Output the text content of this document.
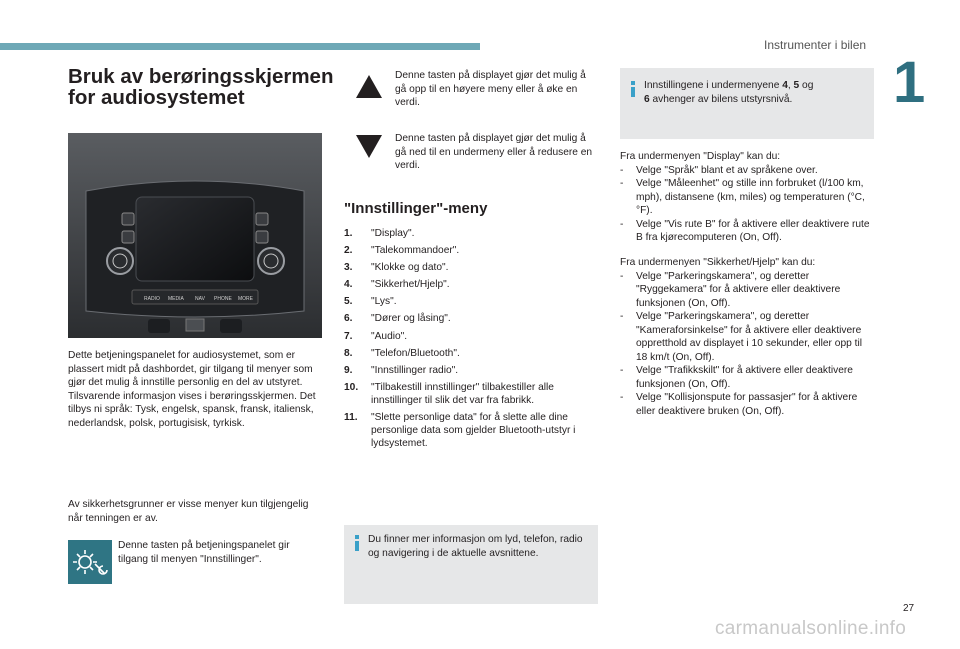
Instrumenter i bilen
1
Bruk av berøringsskjermen
for audiosystemet
RADIO MEDIA NAV PHONE MORE

Dette betjeningspanelet for audiosystemet, som er plassert midt på dashbordet, gir tilgang til menyer som gjør det mulig å innstille personlig en del av utstyret.

Tilsvarende informasjon vises i berøringsskjermen. Det tilbys ni språk: Tysk, engelsk, spansk, fransk, italiensk, nederlandsk, polsk, portugisisk, tyrkisk.

Av sikkerhetsgrunner er visse menyer kun tilgjengelig når tenningen er av.
Denne tasten på betjeningspanelet gir tilgang til menyen "Innstillinger".
Denne tasten på displayet gjør det mulig å gå opp til en høyere meny eller å øke en verdi.
Denne tasten på displayet gjør det mulig å gå ned til en undermeny eller å redusere en verdi.
"Innstillinger"-meny
1.	"Display".
2.	"Talekommandoer".
3.	"Klokke og dato".
4.	"Sikkerhet/Hjelp".
5.	"Lys".
6.	"Dører og låsing".
7.	"Audio".
8.	"Telefon/Bluetooth".
9.	"Innstillinger radio".
10.	"Tilbakestill innstillinger" tilbakestiller alle innstillinger til slik det var fra fabrikk.
11.	"Slette personlige data" for å slette alle dine personlige data som gjelder Bluetooth-utstyr i lydsystemet.
Du finner mer informasjon om lyd, telefon, radio og navigering i de aktuelle avsnittene.
Innstillingene i undermenyene 4, 5 og
6 avhenger av bilens utstyrsnivå.

Fra undermenyen "Display" kan du:

-	Velge "Språk" blant et av språkene over.
-	Velge "Måleenhet" og stille inn forbruket (l/100 km, mph), distansene (km, miles) og temperaturen (°C, °F).
-	Velge "Vis rute B" for å aktivere eller deaktivere rute B fra kjørecomputeren (On, Off).

Fra undermenyen "Sikkerhet/Hjelp" kan du:

-	Velge "Parkeringskamera", og deretter "Ryggekamera" for å aktivere eller deaktivere funksjonen (On, Off).
-	Velge "Parkeringskamera", og deretter "Kameraforsinkelse" for å aktivere eller deaktivere oppretthold av displayet i 10 sekunder, eller opp til 18 km/t (On, Off).
-	Velge "Trafikkskilt" for å aktivere eller deaktivere funksjonen (On, Off).
-	Velge "Kollisjonspute for passasjer" for å aktivere eller deaktivere bruken (On, Off).
27
carmanualsonline.info
